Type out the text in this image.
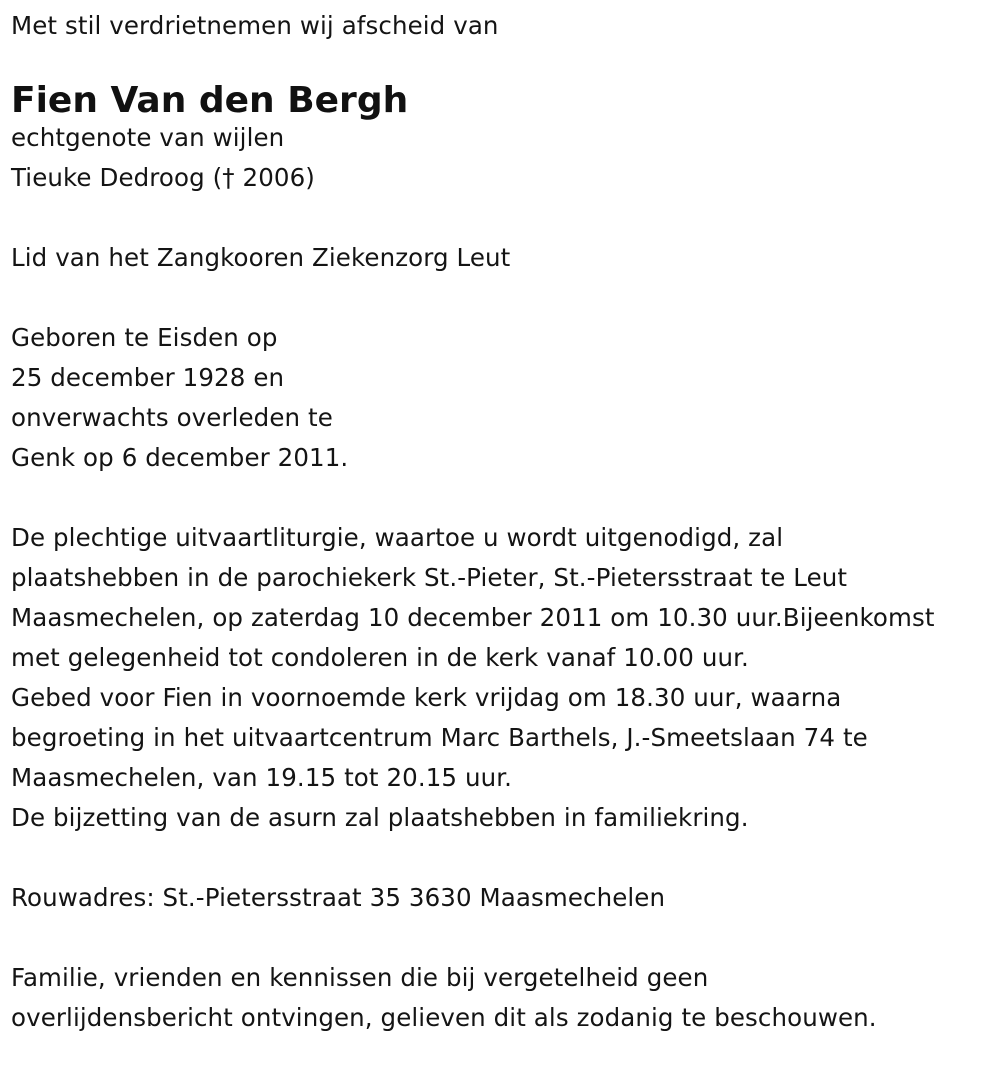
Met stil verdrietnemen wij afscheid van
Fien Van den Bergh
echtgenote van wijlen
Tieuke Dedroog († 2006)
Lid van het Zangkooren Ziekenzorg Leut
Geboren te Eisden op
25 december 1928 en
onverwachts overleden te
Genk op 6 december 2011.
De plechtige uitvaartliturgie, waartoe u wordt uitgenodigd, zal
plaatshebben in de parochiekerk St.-Pieter, St.-Pietersstraat te Leut
Maasmechelen, op zaterdag 10 december 2011 om 10.30 uur.Bijeenkomst
met gelegenheid tot condoleren in de kerk vanaf 10.00 uur.
Gebed voor Fien in voornoemde kerk vrijdag om 18.30 uur, waarna
begroeting in het uitvaartcentrum Marc Barthels, J.-Smeetslaan 74 te
Maasmechelen, van 19.15 tot 20.15 uur.
De bijzetting van de asurn zal plaatshebben in familiekring.
Rouwadres: St.-Pietersstraat 35 3630 Maasmechelen
Familie, vrienden en kennissen die bij vergetelheid geen
overlijdensbericht ontvingen, gelieven dit als zodanig te beschouwen.
